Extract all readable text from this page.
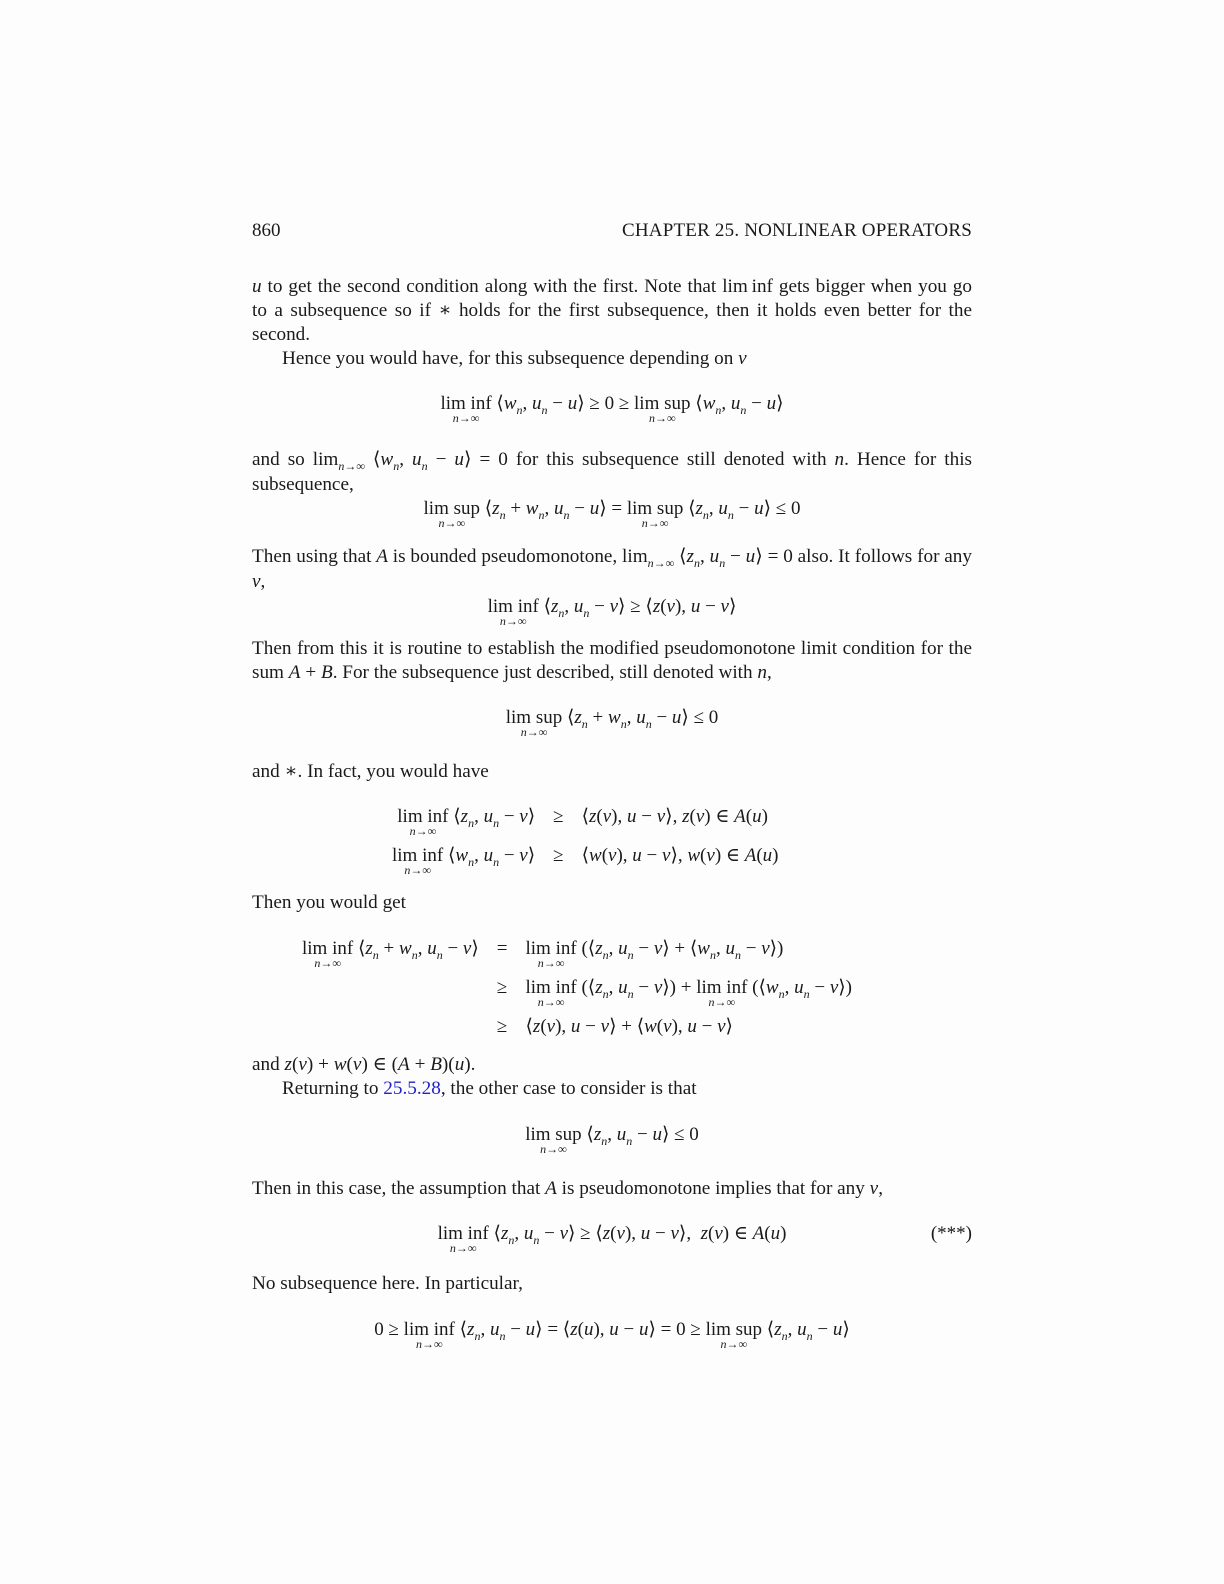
860	CHAPTER 25. NONLINEAR OPERATORS
u to get the second condition along with the first. Note that lim inf gets bigger when you go to a subsequence so if ∗ holds for the first subsequence, then it holds even better for the second.
Hence you would have, for this subsequence depending on v
lim inf
n→∞
$⟨w_n$, $u_n$ − u⟩ ≥ 0 ≥ lim sup
n→∞
$⟨w_n$, $u_n$ − u⟩
and so $\lim_{n\to\infty}$ $⟨w_n$, $u_n$ − u⟩ = 0 for this subsequence still denoted with n. Hence for this subsequence,
lim sup
n→∞
$⟨z_n + w_n$, $u_n$ − u⟩ = lim sup
n→∞
$⟨z_n$, $u_n$ − u⟩ ≤ 0
Then using that A is bounded pseudomonotone, $\lim_{n\to\infty}$ $⟨z_n$, $u_n$ − u⟩ = 0 also. It follows for any v,
lim inf
n→∞
$⟨z_n$, $u_n$ − v⟩ ≥ ⟨z(v), u − v⟩
Then from this it is routine to establish the modified pseudomonotone limit condition for the sum A + B. For the subsequence just described, still denoted with n,
lim sup
n→∞
$⟨z_n + w_n$, $u_n$ − u⟩ ≤ 0
and ∗. In fact, you would have
lim inf
n→∞
$⟨z_n$, $u_n$ − v⟩	≥	⟨z(v), u − v⟩, z(v) ∈ A(u)
lim inf
n→∞
$⟨w_n$, $u_n$ − v⟩	≥	⟨w(v), u − v⟩, w(v) ∈ A(u)
Then you would get
lim inf
n→∞
$⟨z_n + w_n$, $u_n$ − v⟩	=	lim inf
n→∞
($⟨z_n$, $u_n$ − v⟩ + $⟨w_n$, $u_n$ − v⟩)
	≥	lim inf
n→∞
($⟨z_n$, $u_n$ − v⟩) + lim inf
n→∞
($⟨w_n$, $u_n$ − v⟩)
	≥	⟨z(v), u − v⟩ + ⟨w(v), u − v⟩
and z(v) + w(v) ∈ (A + B)(u).
Returning to 25.5.28, the other case to consider is that
lim sup
n→∞
$⟨z_n$, $u_n$ − u⟩ ≤ 0
Then in this case, the assumption that A is pseudomonotone implies that for any v,
lim inf
n→∞
$⟨z_n$, $u_n$ − v⟩ ≥ ⟨z(v), u − v⟩,  z(v) ∈ A(u)	(***)
No subsequence here. In particular,
0 ≥ lim inf
n→∞
$⟨z_n$, $u_n$ − u⟩ = ⟨z(u), u − u⟩ = 0 ≥ lim sup
n→∞
$⟨z_n$, $u_n$ − u⟩
